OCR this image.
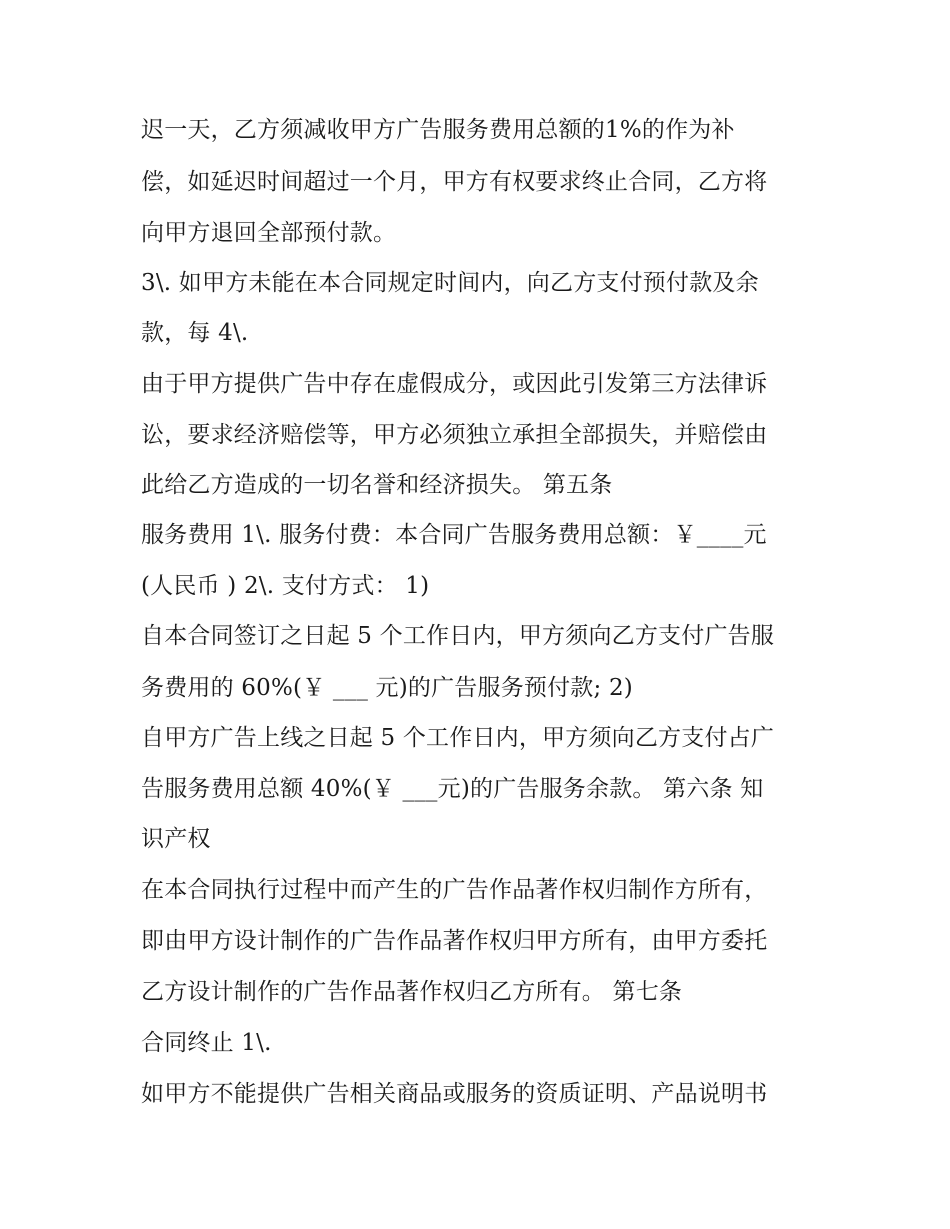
迟一天，乙方须减收甲方广告服务费用总额的1%的作为补
偿，如延迟时间超过一个月，甲方有权要求终止合同，乙方将
向甲方退回全部预付款。
3\. 如甲方未能在本合同规定时间内，向乙方支付预付款及余
款，每 4\.
由于甲方提供广告中存在虚假成分，或因此引发第三方法律诉
讼，要求经济赔偿等，甲方必须独立承担全部损失，并赔偿由
此给乙方造成的一切名誉和经济损失。 第五条
服务费用 1\. 服务付费：本合同广告服务费用总额：￥____元
(人民币 ) 2\. 支付方式： 1)
自本合同签订之日起 5 个工作日内，甲方须向乙方支付广告服
务费用的 60%(￥ ___ 元)的广告服务预付款; 2)
自甲方广告上线之日起 5 个工作日内，甲方须向乙方支付占广
告服务费用总额 40%(￥ ___元)的广告服务余款。 第六条 知
识产权
在本合同执行过程中而产生的广告作品著作权归制作方所有，
即由甲方设计制作的广告作品著作权归甲方所有，由甲方委托
乙方设计制作的广告作品著作权归乙方所有。 第七条
合同终止 1\.
如甲方不能提供广告相关商品或服务的资质证明、产品说明书
